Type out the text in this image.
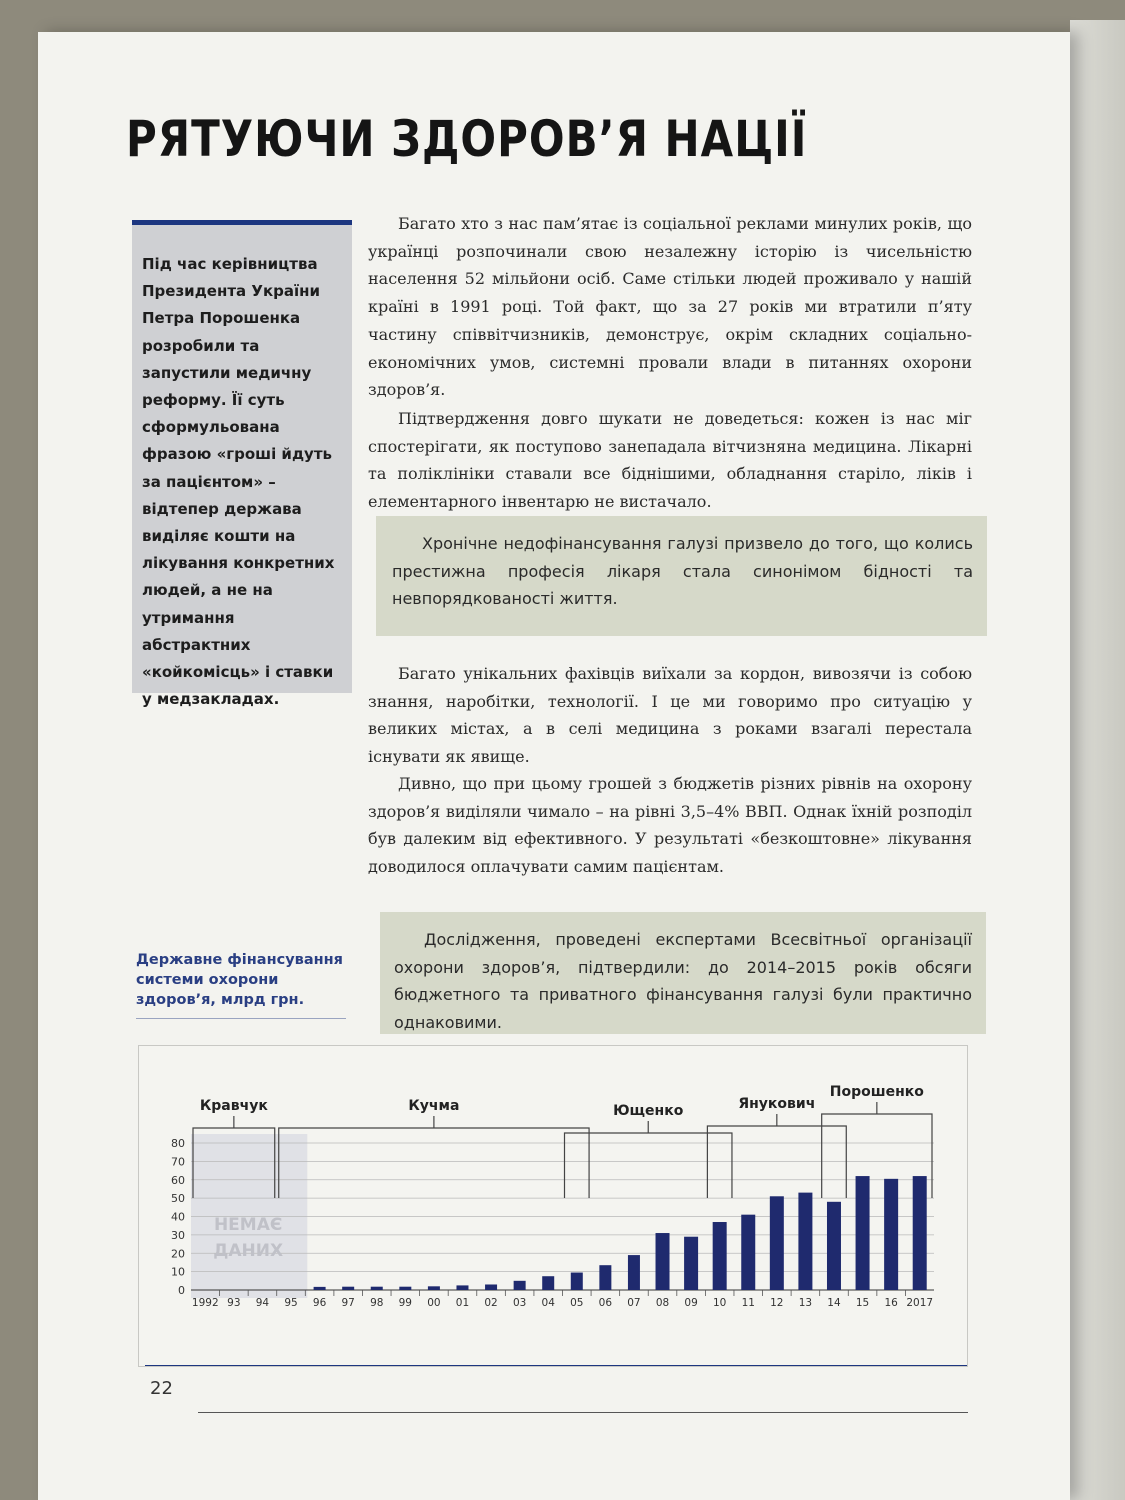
РЯТУЮЧИ ЗДОРОВ’Я НАЦІЇ

Під час керівництва Президента України Петра Порошенка розробили та запустили медичну реформу. Її суть сформульована фразою «гроші йдуть за пацієнтом» – відтепер держава виділяє кошти на лікування конкретних людей, а не на утримання абстрактних «койкомісць» і ставки у медзакладах.

Багато хто з нас пам’ятає із соціальної реклами минулих років, що українці розпочинали свою незалежну історію із чисельністю населення 52 мільйони осіб. Саме стільки людей проживало у нашій країні в 1991 році. Той факт, що за 27 років ми втратили п’яту частину співвітчизників, демонструє, окрім складних соціально-економічних умов, системні провали влади в питаннях охорони здоров’я.

Підтвердження довго шукати не доведеться: кожен із нас міг спостерігати, як поступово занепадала вітчизняна медицина. Лікарні та поліклініки ставали все біднішими, обладнання старіло, ліків і елементарного інвентарю не вистачало.

Хронічне недофінансування галузі призвело до того, що колись престижна професія лікаря стала синонімом бідності та невпорядкованості життя.

Багато унікальних фахівців виїхали за кордон, вивозячи із собою знання, наробітки, технології. І це ми говоримо про ситуацію у великих містах, а в селі медицина з роками взагалі перестала існувати як явище.

Дивно, що при цьому грошей з бюджетів різних рівнів на охорону здоров’я виділяли чимало – на рівні 3,5–4% ВВП. Однак їхній розподіл був далеким від ефективного. У результаті «безкоштовне» лікування доводилося оплачувати самим пацієнтам.

Дослідження, проведені експертами Всесвітньої організації охорони здоров’я, підтвердили: до 2014–2015 років обсяги бюджетного та приватного фінансування галузі були практично однаковими.

Державне фінансування системи охорони здоров’я, млрд грн.

0
10
20
30
40
50
60
70
80
1992 93 94 95 96 97 98 99 00 01 02 03 04 05 06 07 08 09 10 11 12 13 14 15 16 2017
НЕМАЄ
ДАНИХ
Кравчук	Кучма	Ющенко	Янукович
Порошенко
22
